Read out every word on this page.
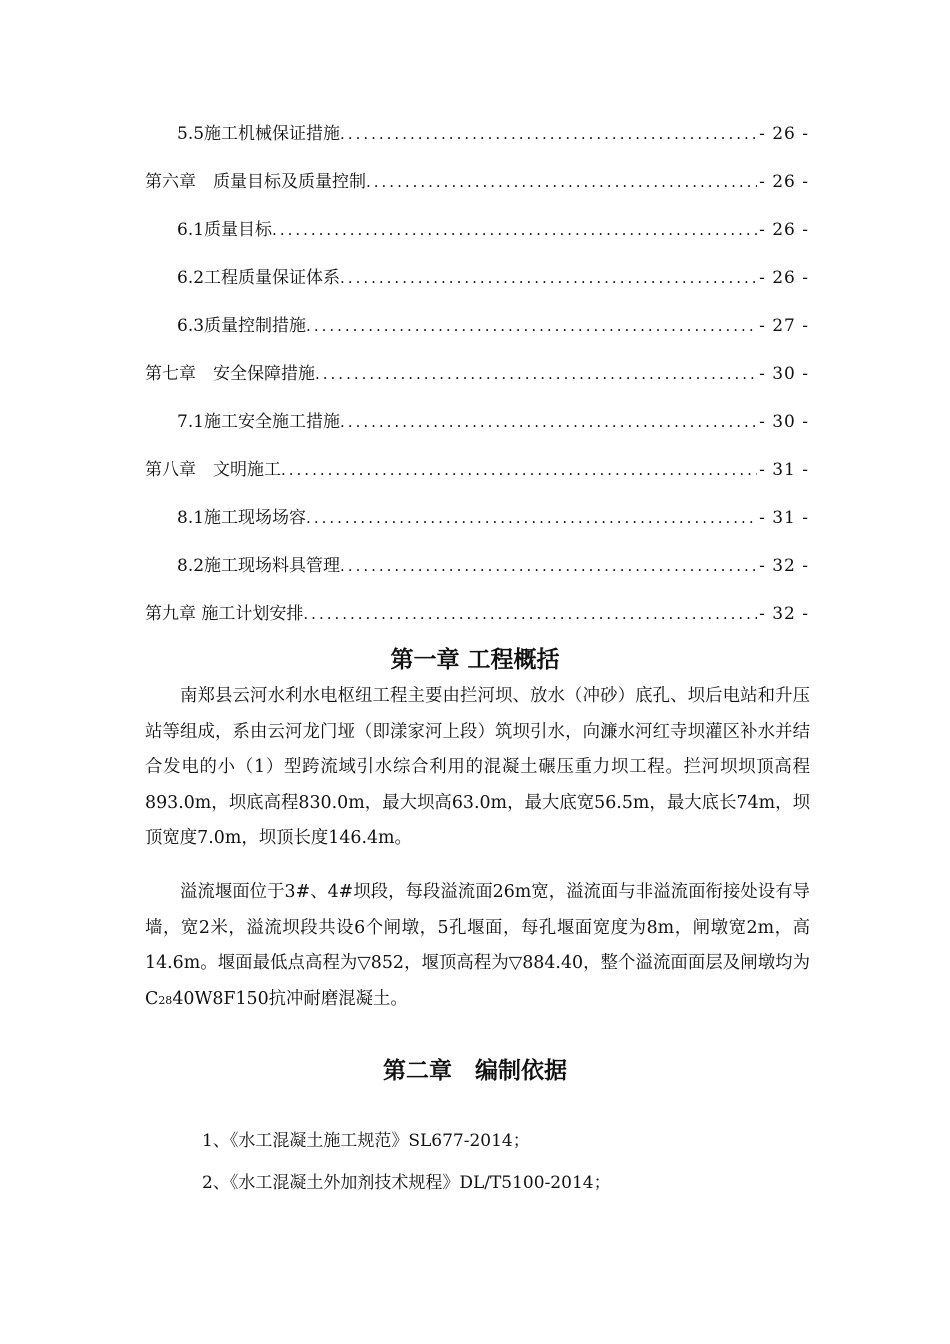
5.5施工机械保证措施 .....	- 26 -
第六章　质量目标及质量控制 .....	- 26 -
6.1质量目标 .....	- 26 -
6.2工程质量保证体系 .....	- 26 -
6.3质量控制措施 .....	- 27 -
第七章　安全保障措施 .....	- 30 -
7.1施工安全施工措施 .....	- 30 -
第八章　文明施工 .....	- 31 -
8.1施工现场场容 .....	- 31 -
8.2施工现场料具管理 .....	- 32 -
第九章 施工计划安排 .....	- 32 -
第一章 工程概括

南郑县云河水利水电枢纽工程主要由拦河坝、放水（冲砂）底孔、坝后电站和升压站等组成，系由云河龙门垭（即漾家河上段）筑坝引水，向濂水河红寺坝灌区补水并结合发电的小（1）型跨流域引水综合利用的混凝土碾压重力坝工程。拦河坝坝顶高程893.0m，坝底高程830.0m，最大坝高63.0m，最大底宽56.5m，最大底长74m，坝顶宽度7.0m，坝顶长度146.4m。

溢流堰面位于3#、4#坝段，每段溢流面26m宽，溢流面与非溢流面衔接处设有导墙，宽2米，溢流坝段共设6个闸墩，5孔堰面，每孔堰面宽度为8m，闸墩宽2m，高14.6m。堰面最低点高程为▽852，堰顶高程为▽884.40，整个溢流面面层及闸墩均为C2840W8F150抗冲耐磨混凝土。

第二章　编制依据
1、《水工混凝土施工规范》SL677-2014；
2、《水工混凝土外加剂技术规程》DL/T5100-2014；
